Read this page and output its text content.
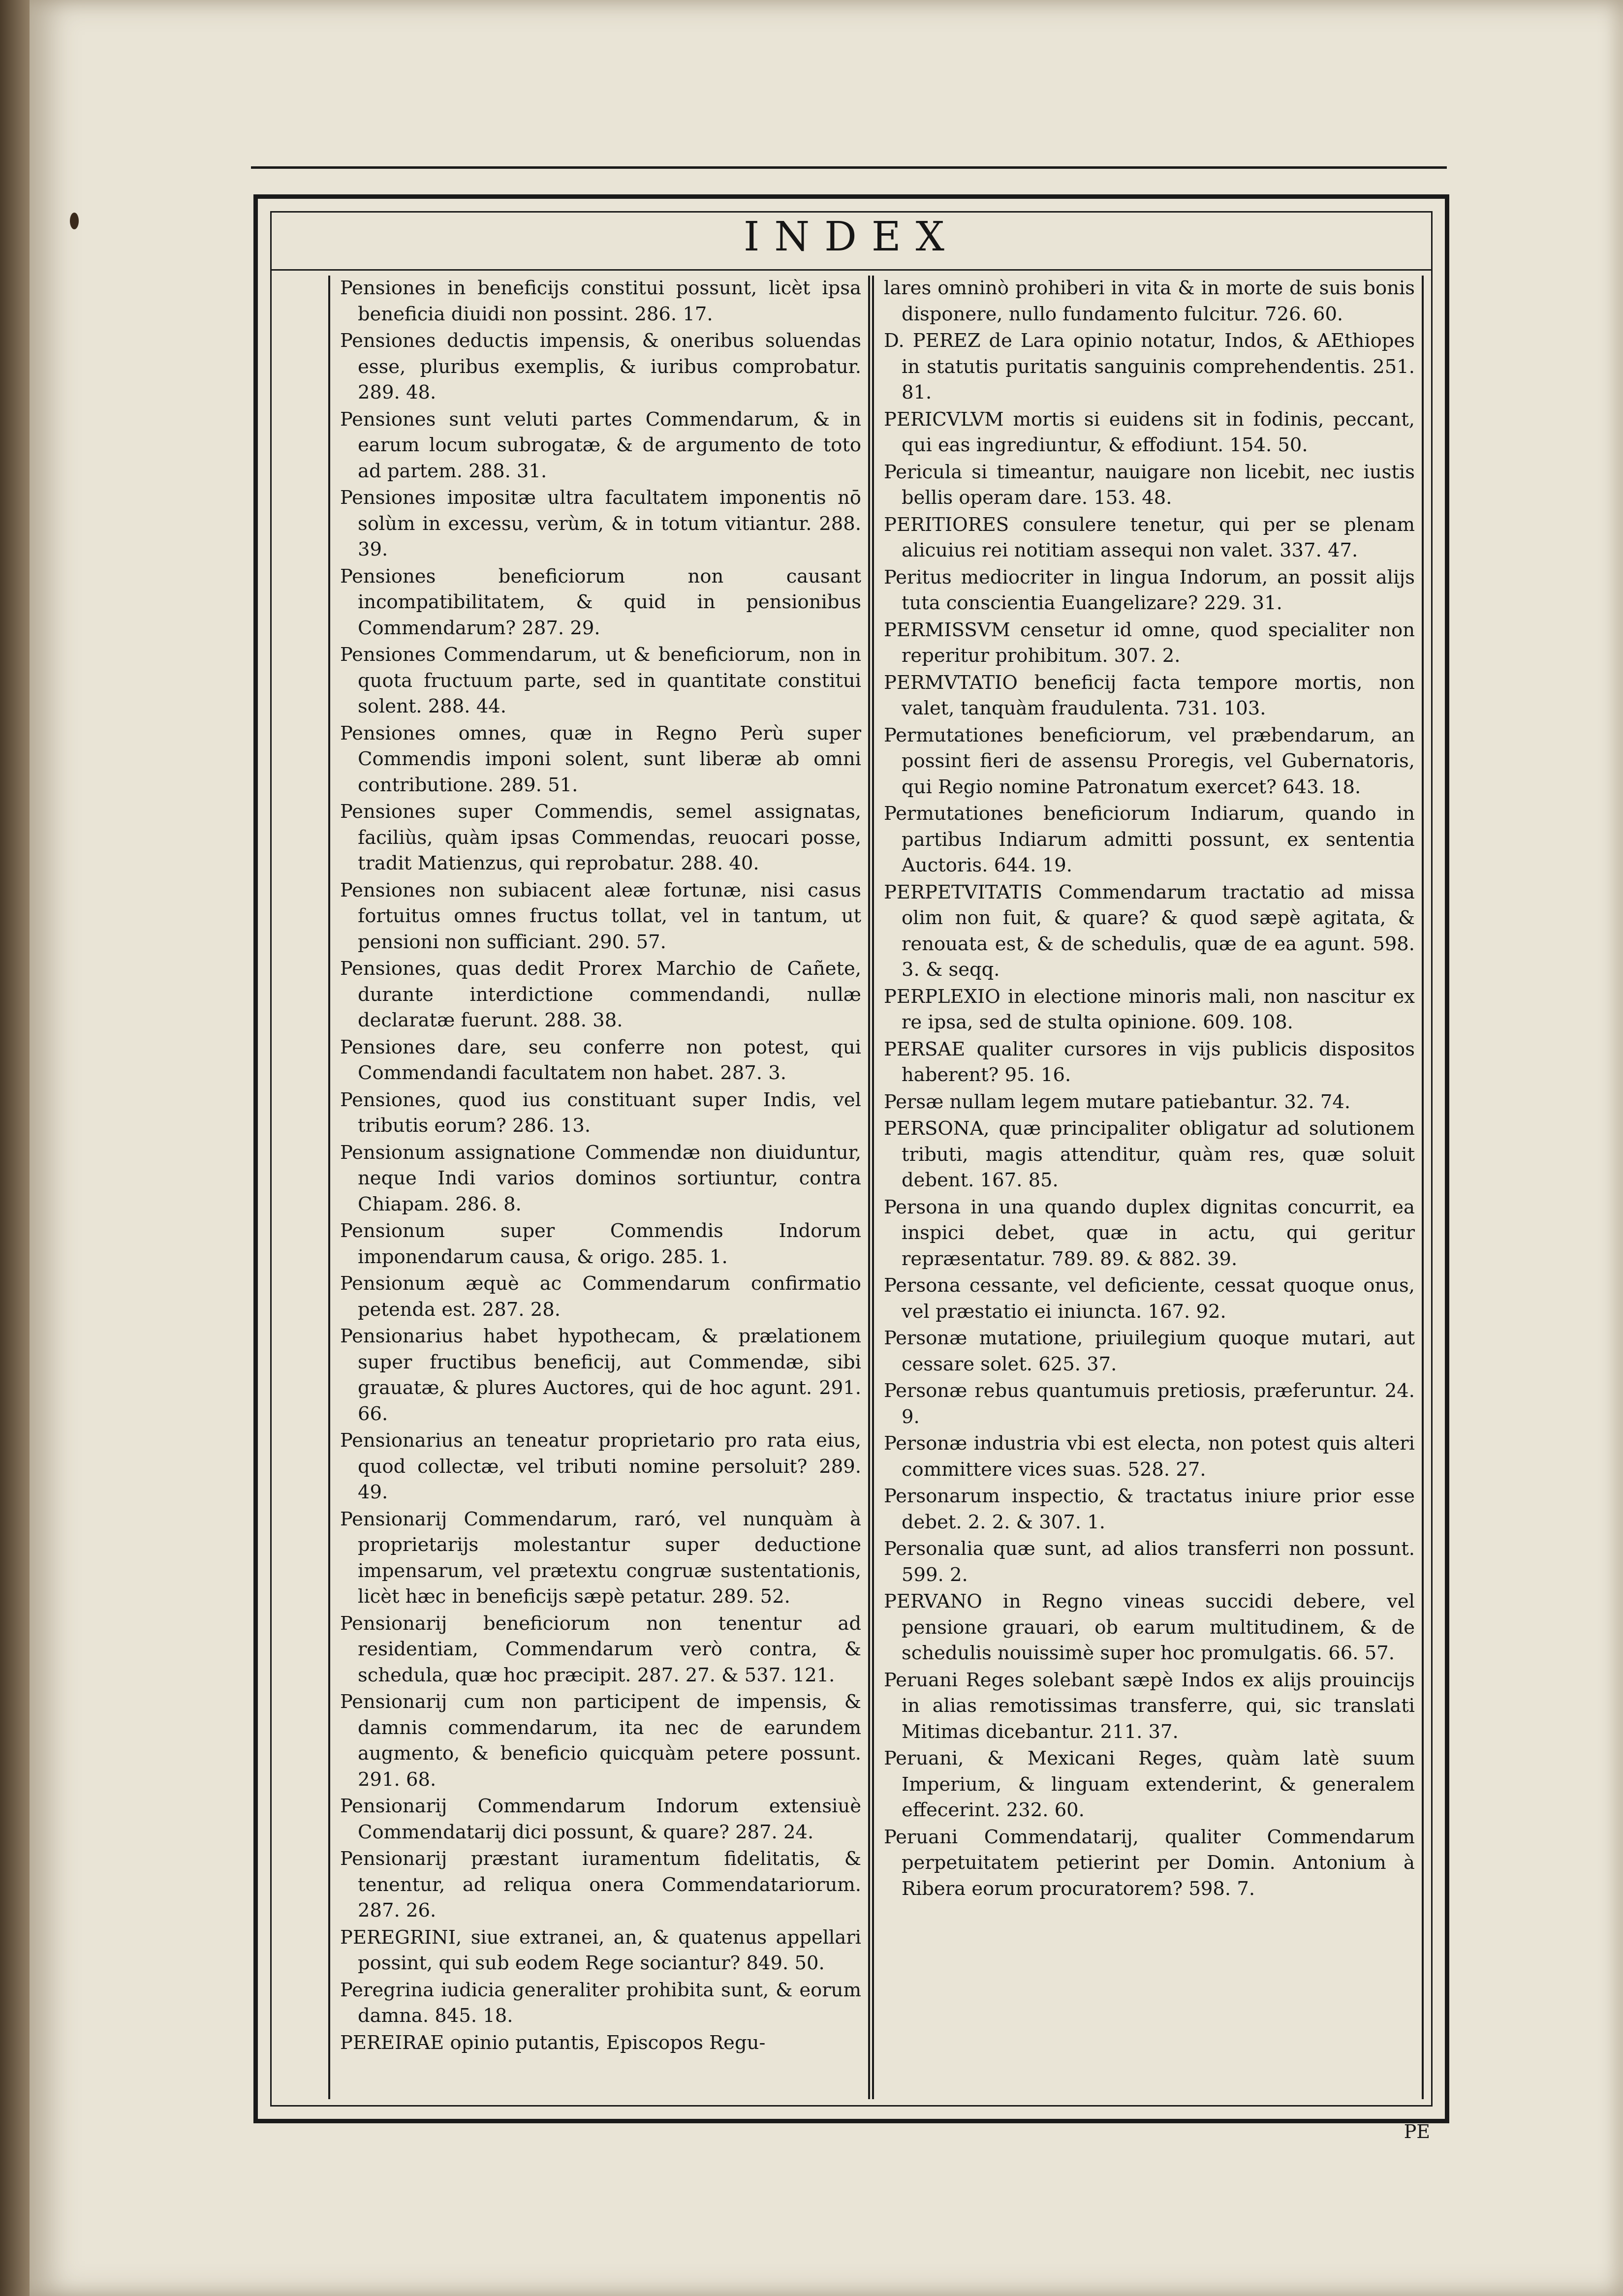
INDEX

Pensiones in beneficijs constitui possunt, licèt ipsa beneficia diuidi non possint. 286. 17.

Pensiones deductis impensis, & oneribus soluendas esse, pluribus exemplis, & iuribus comprobatur. 289. 48.

Pensiones sunt veluti partes Commendarum, & in earum locum subrogatæ, & de argumento de toto ad partem. 288. 31.

Pensiones impositæ ultra facultatem imponentis nō solùm in excessu, verùm, & in totum vitiantur. 288. 39.

Pensiones beneficiorum non causant incompatibilitatem, & quid in pensionibus Commendarum? 287. 29.

Pensiones Commendarum, ut & beneficiorum, non in quota fructuum parte, sed in quantitate constitui solent. 288. 44.

Pensiones omnes, quæ in Regno Perù super Commendis imponi solent, sunt liberæ ab omni contributione. 289. 51.

Pensiones super Commendis, semel assignatas, faciliùs, quàm ipsas Commendas, reuocari posse, tradit Matienzus, qui reprobatur. 288. 40.

Pensiones non subiacent aleæ fortunæ, nisi casus fortuitus omnes fructus tollat, vel in tantum, ut pensioni non sufficiant. 290. 57.

Pensiones, quas dedit Prorex Marchio de Cañete, durante interdictione commendandi, nullæ declaratæ fuerunt. 288. 38.

Pensiones dare, seu conferre non potest, qui Commendandi facultatem non habet. 287. 3.

Pensiones, quod ius constituant super Indis, vel tributis eorum? 286. 13.

Pensionum assignatione Commendæ non diuiduntur, neque Indi varios dominos sortiuntur, contra Chiapam. 286. 8.

Pensionum super Commendis Indorum imponendarum causa, & origo. 285. 1.

Pensionum æquè ac Commendarum confirmatio petenda est. 287. 28.

Pensionarius habet hypothecam, & prælationem super fructibus beneficij, aut Commendæ, sibi grauatæ, & plures Auctores, qui de hoc agunt. 291. 66.

Pensionarius an teneatur proprietario pro rata eius, quod collectæ, vel tributi nomine persoluit? 289. 49.

Pensionarij Commendarum, raró, vel nunquàm à proprietarijs molestantur super deductione impensarum, vel prætextu congruæ sustentationis, licèt hæc in beneficijs sæpè petatur. 289. 52.

Pensionarij beneficiorum non tenentur ad residentiam, Commendarum verò contra, & schedula, quæ hoc præcipit. 287. 27. & 537. 121.

Pensionarij cum non participent de impensis, & damnis commendarum, ita nec de earundem augmento, & beneficio quicquàm petere possunt. 291. 68.

Pensionarij Commendarum Indorum extensiuè Commendatarij dici possunt, & quare? 287. 24.

Pensionarij præstant iuramentum fidelitatis, & tenentur, ad reliqua onera Commendatariorum. 287. 26.

PEREGRINI, siue extranei, an, & quatenus appellari possint, qui sub eodem Rege sociantur? 849. 50.

Peregrina iudicia generaliter prohibita sunt, & eorum damna. 845. 18.

PEREIRAE opinio putantis, Episcopos Regu-

lares omninò prohiberi in vita & in morte de suis bonis disponere, nullo fundamento fulcitur. 726. 60.

D. PEREZ de Lara opinio notatur, Indos, & AEthiopes in statutis puritatis sanguinis comprehendentis. 251. 81.

PERICVLVM mortis si euidens sit in fodinis, peccant, qui eas ingrediuntur, & effodiunt. 154. 50.

Pericula si timeantur, nauigare non licebit, nec iustis bellis operam dare. 153. 48.

PERITIORES consulere tenetur, qui per se plenam alicuius rei notitiam assequi non valet. 337. 47.

Peritus mediocriter in lingua Indorum, an possit alijs tuta conscientia Euangelizare? 229. 31.

PERMISSVM censetur id omne, quod specialiter non reperitur prohibitum. 307. 2.

PERMVTATIO beneficij facta tempore mortis, non valet, tanquàm fraudulenta. 731. 103.

Permutationes beneficiorum, vel præbendarum, an possint fieri de assensu Proregis, vel Gubernatoris, qui Regio nomine Patronatum exercet? 643. 18.

Permutationes beneficiorum Indiarum, quando in partibus Indiarum admitti possunt, ex sententia Auctoris. 644. 19.

PERPETVITATIS Commendarum tractatio ad missa olim non fuit, & quare? & quod sæpè agitata, & renouata est, & de schedulis, quæ de ea agunt. 598. 3. & seqq.

PERPLEXIO in electione minoris mali, non nascitur ex re ipsa, sed de stulta opinione. 609. 108.

PERSAE qualiter cursores in vijs publicis dispositos haberent? 95. 16.

Persæ nullam legem mutare patiebantur. 32. 74.

PERSONA, quæ principaliter obligatur ad solutionem tributi, magis attenditur, quàm res, quæ soluit debent. 167. 85.

Persona in una quando duplex dignitas concurrit, ea inspici debet, quæ in actu, qui geritur repræsentatur. 789. 89. & 882. 39.

Persona cessante, vel deficiente, cessat quoque onus, vel præstatio ei iniuncta. 167. 92.

Personæ mutatione, priuilegium quoque mutari, aut cessare solet. 625. 37.

Personæ rebus quantumuis pretiosis, præferuntur. 24. 9.

Personæ industria vbi est electa, non potest quis alteri committere vices suas. 528. 27.

Personarum inspectio, & tractatus iniure prior esse debet. 2. 2. & 307. 1.

Personalia quæ sunt, ad alios transferri non possunt. 599. 2.

PERVANO in Regno vineas succidi debere, vel pensione grauari, ob earum multitudinem, & de schedulis nouissimè super hoc promulgatis. 66. 57.

Peruani Reges solebant sæpè Indos ex alijs prouincijs in alias remotissimas transferre, qui, sic translati Mitimas dicebantur. 211. 37.

Peruani, & Mexicani Reges, quàm latè suum Imperium, & linguam extenderint, & generalem effecerint. 232. 60.

Peruani Commendatarij, qualiter Commendarum perpetuitatem petierint per Domin. Antonium à Ribera eorum procuratorem? 598. 7.

PE
